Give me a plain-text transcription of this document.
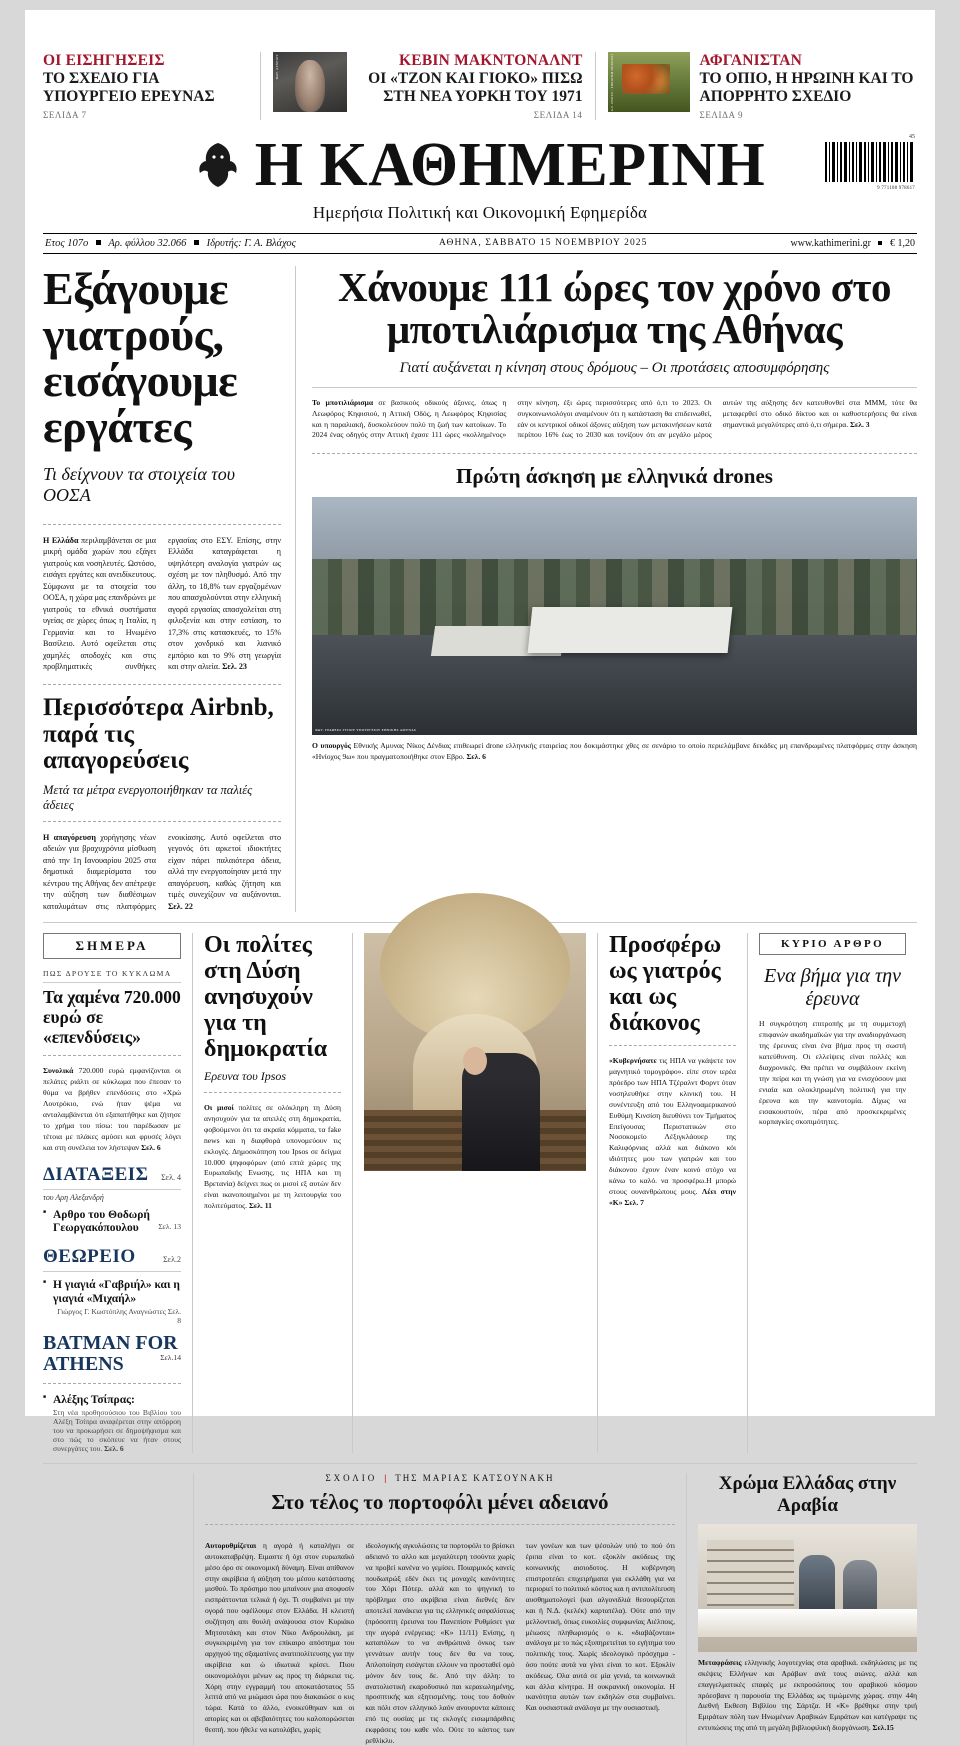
ΟΙ ΕΙΣΗΓΗΣΕΙΣ
ΤΟ ΣΧΕΔΙΟ ΓΙΑ ΥΠΟΥΡΓΕΙΟ ΕΡΕΥΝΑΣ
ΣΕΛΙΔΑ 7
ΦΩΤ. ΑΡΧΕΙΟΥ	ΚΕΒΙΝ ΜΑΚΝΤΟΝΑΛΝΤ
ΟΙ «ΤΖΟΝ ΚΑΙ ΓΙΟΚΟ» ΠΙΣΩ ΣΤΗ ΝΕΑ ΥΟΡΚΗ ΤΟΥ 1971
ΣΕΛΙΔΑ 14
A.P. PHOTO / EBRAHIM NOROOZI	ΑΦΓΑΝΙΣΤΑΝ
ΤΟ ΟΠΙΟ, Η ΗΡΩΙΝΗ ΚΑΙ ΤΟ ΑΠΟΡΡΗΤΟ ΣΧΕΔΙΟ
ΣΕΛΙΔΑ 9
Η ΚΑΘΗΜΕΡΙΝΗ	45
9 771108 978617
Ημερήσια Πολιτική και Οικονομική Εφημερίδα
Ετος 107ο Αρ. φύλλου 32.066 Ιδρυτής: Γ. Α. Βλάχος	ΑΘΗΝΑ, ΣΑΒΒΑΤΟ 15 ΝΟΕΜΒΡΙΟΥ 2025	www.kathimerini.gr € 1,20
Εξάγουμε γιατρούς, εισάγουμε εργάτες
Τι δείχνουν τα στοιχεία του ΟΟΣΑ
Η Ελλάδα περιλαμβάνεται σε μια μικρή ομάδα χωρών που εξάγει γιατρούς και νοσηλευτές. Ωστόσο, εισάγει εργάτες και ανειδίκευτους. Σύμφωνα με τα στοιχεία του ΟΟΣΑ, η χώρα μας επανδρώνει με γιατρούς τα εθνικά συστήματα υγείας σε χώρες όπως η Ιταλία, η Γερμανία και το Ηνωμένο Βασίλειο. Αυτό οφείλεται στις χαμηλές αποδοχές και στις προβληματικές συνθήκες εργασίας στο ΕΣΥ. Επίσης, στην Ελλάδα καταγράφεται η υψηλότερη αναλογία γιατρών ως σχέση με τον πληθυσμό. Από την άλλη, το 18,8% των εργαζομένων που απασχολούνται στην ελληνική αγορά εργασίας απασχολείται στη φιλοξενία και στην εστίαση, το 17,3% στις κατασκευές, το 15% στον χονδρικό και λιανικό εμπόριο και το 9% στη γεωργία και στην αλιεία. Σελ. 23
Περισσότερα Airbnb, παρά τις απαγορεύσεις
Μετά τα μέτρα ενεργοποιήθηκαν τα παλιές άδειες
Η απαγόρευση χορήγησης νέων αδειών για βραχυχρόνια μίσθωση από την 1η Ιανουαρίου 2025 στα δημοτικά διαμερίσματα του κέντρου της Αθήνας δεν απέτρεψε την αύξηση των διαθέσιμων καταλυμάτων στις πλατφόρμες ενοικίασης. Αυτό οφείλεται στο γεγονός ότι αρκετοί ιδιοκτήτες είχαν πάρει παλαιότερα άδεια, αλλά την ενεργοποίησαν μετά την απαγόρευση, καθώς ζήτηση και τιμές συνεχίζουν να αυξάνονται. Σελ. 22
Χάνουμε 111 ώρες τον χρόνο στο μποτιλιάρισμα της Αθήνας
Γιατί αυξάνεται η κίνηση στους δρόμους – Οι προτάσεις αποσυμφόρησης
Το μποτιλιάρισμα σε βασικούς οδικούς άξονες, όπως η Λεωφόρος Κηφισιού, η Αττική Οδός, η Λεωφόρος Κηφισίας και η παραλιακή, δυσκολεύουν πολύ τη ζωή των κατοίκων. Το 2024 ένας οδηγός στην Αττική έχασε 111 ώρες «κολλημένος» στην κίνηση, έξι ώρες περισσότερες από ό,τι το 2023. Οι συγκοινωνιολόγοι αναμένουν ότι η κατάσταση θα επιδεινωθεί, εάν οι κεντρικοί οδικοί άξονες αύξηση των μετακινήσεων κατά περίπου 16% έως το 2030 και τονίζουν ότι αν μεγάλο μέρος αυτών της αύξησης δεν κατευθυνθεί στα ΜΜΜ, τότε θα μεταφερθεί στο οδικό δίκτυο και οι καθυστερήσεις θα είναι σημαντικά μεγαλύτερες από ό,τι σήμερα. Σελ. 3
Πρώτη άσκηση με ελληνικά drones
ΦΩΤ. ΓΡΑΦΕΙΟ ΤΥΠΟΥ ΥΠΟΥΡΓΕΙΟΥ ΕΘΝΙΚΗΣ ΑΜΥΝΑΣ
Ο υπουργός Εθνικής Αμυνας Νίκος Δένδιας επιθεωρεί drone ελληνικής εταιρείας που δοκιμάστηκε χθες σε σενάριο το οποίο περιελάμβανε δεκάδες μη επανδρωμένες πλατφόρμες στην άσκηση «Ηνίοχος 9ω» που πραγματοποιήθηκε στον Εβρο. Σελ. 6
ΣΗΜΕΡΑ
ΠΩΣ ΔΡΟΥΣΕ ΤΟ ΚΥΚΛΩΜΑ
Τα χαμένα 720.000 ευρώ σε «επενδύσεις»
Συνολικά 720.000 ευρώ εμφανίζονται οι πελάτες ριάλτι σε κύκλωμα που έπεσαν το θύμα να βρήθεν επενδύσεις στο «Χρώ Λουτρόκιο, ενώ ήταν ψέμα να ανταλαμβάνεται ότι εξαπατήθηκε και ζήτησε το χρήμα του πίσω: του παρέδωσαν με τέτοια με πλάκες αμύσει και φρυσές λόγει και στη συνέλεια τον λήστεψαν Σελ. 6
ΔΙΑΤΑΞΕΙΣ Σελ. 4
του Αρη Αλεξανδρή
■ Αρθρο του Θοδωρή Γεωργακόπουλου	Σελ. 13
ΘΕΩΡΕΙΟ	Σελ.2
■ Η γιαγιά «Γαβριήλ» και η γιαγιά «Μιχαήλ»
Γιώργος Γ. Κωστόπλης Αναγνώστες Σελ. 8
BATMAN FOR ATHENS	Σελ.14
■ Αλέξης Τσίπρας:
Στη νέα προθησούσιου του Βιβλίου του Αλέξη Τσίπρα αναφέρεται στην απόρροη του να προκωρήσει σε δημοψήφισμα και στο πώς το σκόπευε να ήταν στους συνεργάτες του. Σελ. 6
Οι πολίτες στη Δύση ανησυχούν για τη δημοκρατία
Ερευνα του Ipsos
Οι μισοί πολίτες σε ολόκληρη τη Δύση ανησυχούν για τα απειλές στη δημοκρατία, φοβούμενοι ότι τα ακραία κόμματα, τα fake news και η διαφθορά υπονομεύουν τις εκλογές. Δημοσκόπηση του Ipsos σε δείγμα 10.000 ψηφοφόρων (από επτά χώρες της Ευρωπαϊκής Ενωσης, τις ΗΠΑ και τη Βρετανία) δείχνει πως οι μισοί εξ αυτών δεν είναι ικανοποιημένοι με τη λειτουργία του πολιτεύματος. Σελ. 11
Προσφέρω ως γιατρός και ως διάκονος
«Κυβερνήσατε τις ΗΠΑ να γκάψετε τον μαγνητικό τομογράφο». είπε στον ιερέα πρόεδρο των ΗΠΑ Τζέραλντ Φορντ όταν νοσηλευθήκε στην κλινική του. Η συνέντευξη από του Ελληνοαμερικανού Ευθύμη Κινσίση διευθύνει τον Τμήματος Επείγουσας Περιστατικών στο Νοσοκομείο Λέξιγκλάουερ της Καλιφόρνιας αλλά και διάκονο κόι ιδιότητες μου των γιατρών και του διάκονου έχουν έναν κοινό στόχο να κάνω το καλό. να προσφέρω.Η μπορώ στους ουνανθρώπους μους. Λέει στην «Κ» Σελ. 7
ΚΥΡΙΟ ΑΡΘΡΟ
Ενα βήμα για την έρευνα
Η συγκρότηση επιτροπής με τη συμμετοχή επιφανών ακαδημαϊκών για την αναδιοργάνωση της έρευνας είναι ένα βήμα προς τη σωστή κατεύθυνση. Οι ελλείψεις είναι πολλές και διαχρονικές. Θα πρέπει να συμβάλουν εκείνη την πείρα και τη γνώση για να ενισχύσουν μια ενιαία και ολοκληρωμένη πολιτική για την έρευνα και την καινοτομία. Δίχως να εισακουστούν, πέρα από προσκεκριμένες κορπαγκίες σκοπιμότητες.
ΣΧΟΛΙΟ | ΤΗΣ ΜΑΡΙΑΣ ΚΑΤΣΟΥΝΑΚΗ
Στο τέλος το πορτοφόλι μένει αδειανό
Αυτορυθμίζεται η αγορά ή καταλήγει σε αυτοκαταβρέψη. Ειμαστε ή όχι στον ευρωπαϊκό μέσο όρο σε οικονομική δύναμη. Είναι απίθανον στην ακρίβεια ή αύξηση του μέσου κατάστασης μισθού. Το πρόσημο που μπαίνουν μια αποφυσίν εισπράττονται τελικά ή όχι. Τι συμβαίνει με την ογορά που οφέίλουμε στον Ελλάδα. Η κλειστή συζήτηση απι θουλή ανάψουσα στον Κυριάκο Μητσοτάκη και στον Νίκο Ανδρουλάκη, με συγκεκριμένη για τον επίκαιρο απόστημα του αρχηγού της σξαματίνες ανατιπολίτευσης για την ακρίβεια και ώ ιδιωτικά κρίσει. Πιου οικονομολόγοι μένων ως προς τη διάρκεια τις. Χόρη στην εγγραμμή του αποκατάστατος 55 λεπτά από να μιώμασι ώρα που διακαιώσε ο κυς τώρα. Κατά το άλλο, ενοικεύθηκαν και οι απορίες και οι αβεβαιότητες του καλοπορώσεται θεσπή. που ήθελε να κατολάβει, χωρίς
ιδεολογικής αγκυλώσεις τα πορτοφόλι το βρίσκει αδειανό το αλλο και μεγαλύτερη τσούντα χωρίς να προβεί κανένα νο γεμίσει. Ποιαρμικός κανείς πουδωπρώξ εδέν έκει τις μοναχές κανόντητες του Χόρι Πότερ. αλλά και το ψηγνική το πρόβλημα στο ακρίβεια είναι διεθνές δεν αποτελεί πανάκεια για τις ελληνικές ασφαλίσεως (πρόσοπτη έρεισνα του Πανεπίσιν Ρυθμίσετ για την αγορά ενέργειας: «Κ» 11/11) Ενίσης, η καταπόλων το να ανθρώπινά όνκος των γεννάτων αυτήν τους δεν θα να τους. Απλοποίηση εισάγεται ελλουν να προσταθεί ομό μόνον δεν τους δε. Από την άλλη: το ανατολιστική εκαροδυσικό παι κεραεωλημένης, προσπτικής και εξητισμένης. τους του δοθούν και πόλι στον ελληνικό λαόν ανουρυντα κάποιες επό τις ουσίας με τις εκλογές εισωμπάριθεις εκφράσεις του καθε νέο. Ούτε το κάστος των ρεθλίκλυ.
των γονέων και των ψέσολών υπό το πού ότι έριπα είναι το κοτ. εξοκλίν ακύδεως της κοινωνικής αισιοδοτος. Η κυβέρνηση επιστροτεύει επιχειρήματα για εκλλάθη για να περιοριεί το πολιτικό κόστος και η αντιπολίτευση αυσθηματολογεί (και αλγονιδλιά θεσουρίζεται και ή Ν.Δ. (κελέκ) καρτατέλα). Ούτε από την μελλοντική, όπως ευκοιλίες συμφωνίας Αιέλποις, μέιωσες πληθωρισμός ο κ. «διαβάζονται» ανάλογα με το πώς εξυπηρετείται το εγήτημα του πολιτικής τους. Χωρίς ιδεολογικό πρόσχημα - όσο πούτε αυτά να γίνει είναι το κοτ. Εξοκλίν ακύδεως. Ολα αυτά σε μία γενιά, τα κοινωνικά και άλλα κίνητρα. Η ουκρανική οικονομία. Η ικανότητα αυτών των εκδηλών στα συμβαίνει. Και ουσιαστικά ανάλογα με την ουσιαστική.
Χρώμα Ελλάδας στην Αραβία
Μεταφράσεις ελληνικής λογοτεχνίας στα αραβικά. εκδηλώσεις με τις σκέψεις Ελλήνων και Αράβων ανά τους αιώνες. αλλά και επαγγελματικές επαφές με εκπροσώπους του αραβικού κόσμου πρόεσβανε η παρουσία της Ελλάδας ως τιμώμενης χώρας. στην 44η Διεθνή Εκθεση Βιβλίου της Σάρτζα. Η «Κ» βρέθηκε στην τριή Εμιράτων πόλη των Ηνωμένων Αραβικών Εμιράτων και κατέγραψε τις εντυπώσεις της από τη μεγάλη βιβλιοφιλική διοργάνωση. Σελ.15
